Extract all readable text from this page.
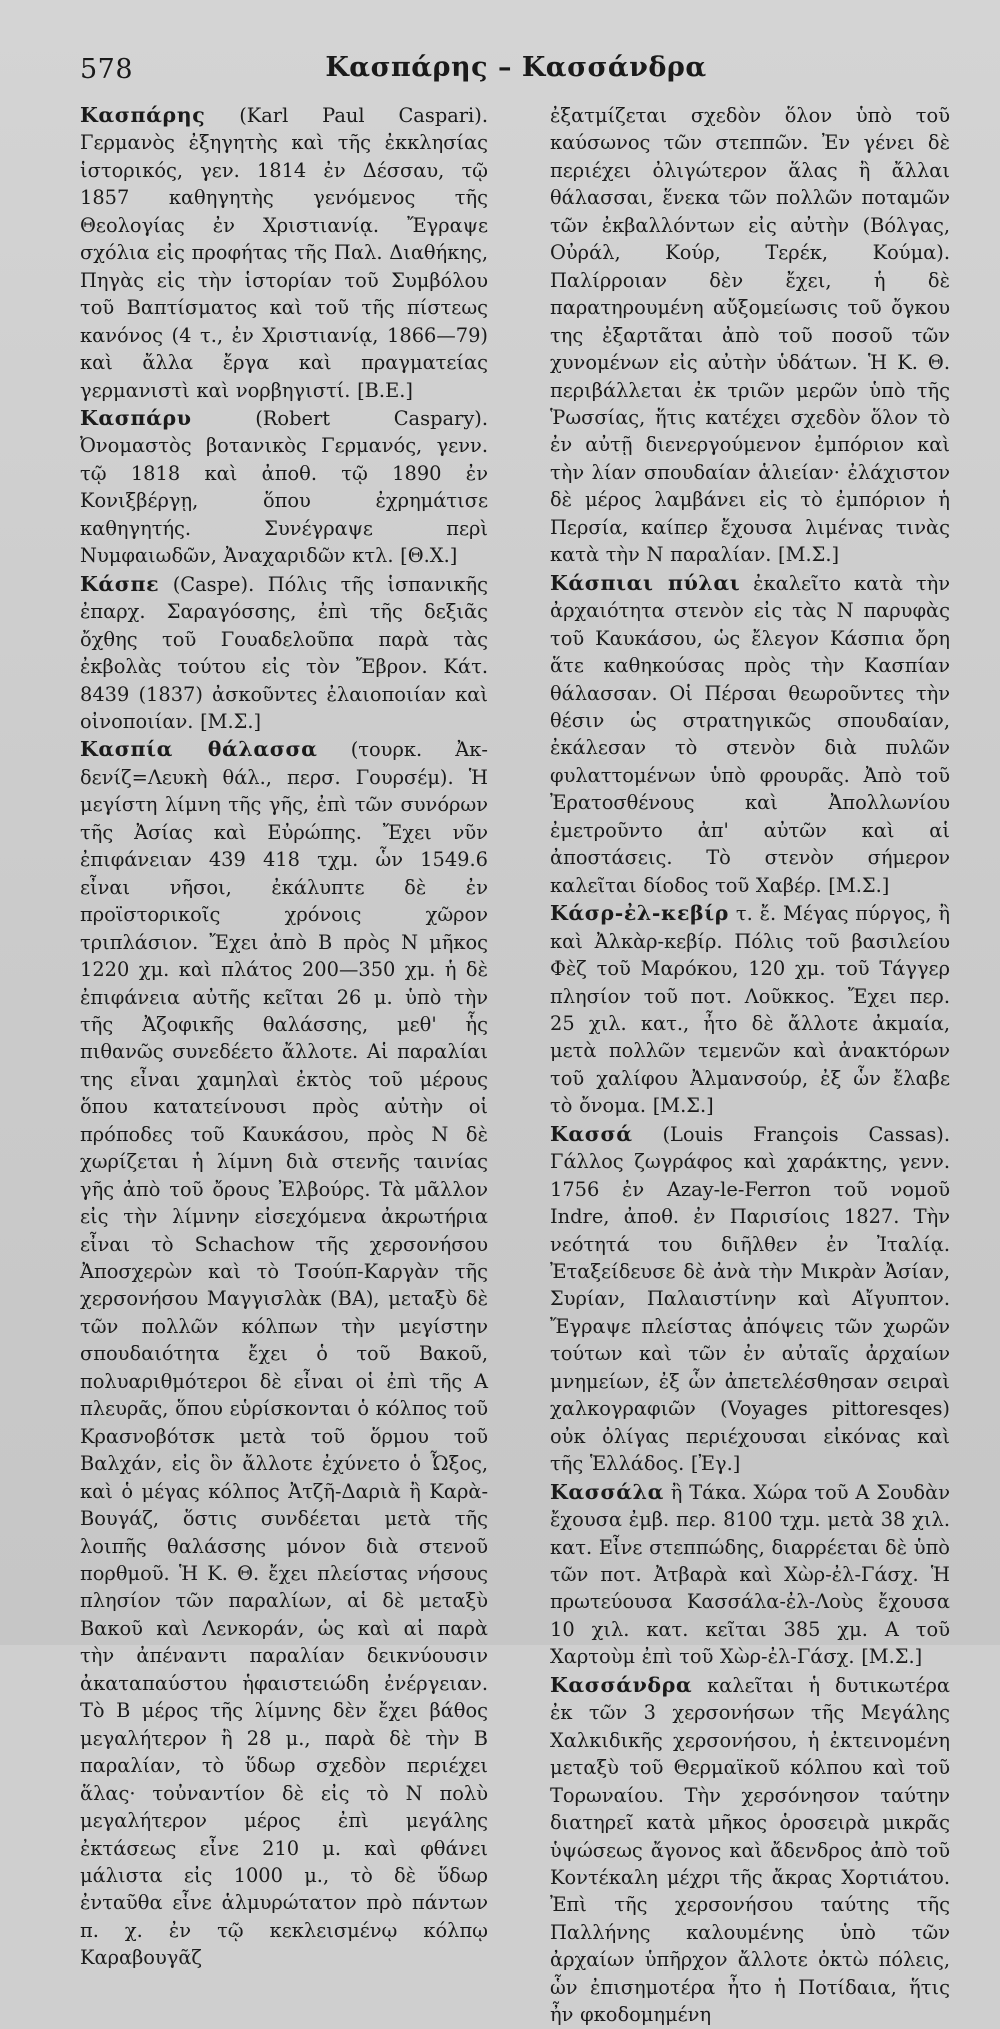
578	Κασπάρης – Κασσάνδρα

Κασπάρης (Karl Paul Caspari). Γερμανὸς ἐξηγητὴς καὶ τῆς ἐκκλησίας ἱστορικός, γεν. 1814 ἐν Δέσσαυ, τῷ 1857 καθηγητὴς γενόμενος τῆς Θεολογίας ἐν Χριστιανίᾳ. Ἔγραψε σχόλια εἰς προφήτας τῆς Παλ. Διαθήκης, Πηγὰς εἰς τὴν ἱστορίαν τοῦ Συμβόλου τοῦ Βαπτίσματος καὶ τοῦ τῆς πίστεως κανόνος (4 τ., ἐν Χριστιανίᾳ, 1866—79) καὶ ἄλλα ἔργα καὶ πραγματείας γερμανιστὶ καὶ νορβηγιστί. [Β.Ε.]

Κασπάρυ (Robert Caspary). Ὀνομαστὸς βοτανικὸς Γερμανός, γενν. τῷ 1818 καὶ ἀποθ. τῷ 1890 ἐν Κονιξβέργῃ, ὅπου ἐχρημάτισε καθηγητής. Συνέγραψε περὶ Νυμφαιωδῶν, Ἀναχαριδῶν κτλ. [Θ.Χ.]

Κάσπε (Caspe). Πόλις τῆς ἱσπανικῆς ἐπαρχ. Σαραγόσσης, ἐπὶ τῆς δεξιᾶς ὄχθης τοῦ Γουαδελοῦπα παρὰ τὰς ἐκβολὰς τούτου εἰς τὸν Ἔβρον. Κάτ. 8439 (1837) ἀσκοῦντες ἐλαιοποιίαν καὶ οἰνοποιίαν. [Μ.Σ.]

Κασπία θάλασσα (τουρκ. Ἀκ-δενίζ=Λευκὴ θάλ., περσ. Γουρσέμ). Ἡ μεγίστη λίμνη τῆς γῆς, ἐπὶ τῶν συνόρων τῆς Ἀσίας καὶ Εὐρώπης. Ἔχει νῦν ἐπιφάνειαν 439 418 τχμ. ὧν 1549.6 εἶναι νῆσοι, ἐκάλυπτε δὲ ἐν προϊστορικοῖς χρόνοις χῶρον τριπλάσιον. Ἔχει ἀπὸ Β πρὸς Ν μῆκος 1220 χμ. καὶ πλάτος 200—350 χμ. ἡ δὲ ἐπιφάνεια αὐτῆς κεῖται 26 μ. ὑπὸ τὴν τῆς Ἀζοφικῆς θαλάσσης, μεθ' ἧς πιθανῶς συνεδέετο ἄλλοτε. Αἱ παραλίαι της εἶναι χαμηλαὶ ἐκτὸς τοῦ μέρους ὅπου κατατείνουσι πρὸς αὐτὴν οἱ πρόποδες τοῦ Καυκάσου, πρὸς Ν δὲ χωρίζεται ἡ λίμνη διὰ στενῆς ταινίας γῆς ἀπὸ τοῦ ὄρους Ἐλβούρς. Τὰ μᾶλλον εἰς τὴν λίμνην εἰσεχόμενα ἀκρωτήρια εἶναι τὸ Schachow τῆς χερσονήσου Ἀποσχερὼν καὶ τὸ Τσούπ-Καργὰν τῆς χερσονήσου Μαγγισλὰκ (ΒΑ), μεταξὺ δὲ τῶν πολλῶν κόλπων τὴν μεγίστην σπουδαιότητα ἔχει ὁ τοῦ Βακοῦ, πολυαριθμότεροι δὲ εἶναι οἱ ἐπὶ τῆς Α πλευρᾶς, ὅπου εὑρίσκονται ὁ κόλπος τοῦ Κρασνοβότσκ μετὰ τοῦ ὅρμου τοῦ Βαλχάν, εἰς ὃν ἄλλοτε ἐχύνετο ὁ Ὦξος, καὶ ὁ μέγας κόλπος Ἀτζῆ-Δαριὰ ἢ Καρὰ-Βουγάζ, ὅστις συνδέεται μετὰ τῆς λοιπῆς θαλάσσης μόνον διὰ στενοῦ πορθμοῦ. Ἡ Κ. Θ. ἔχει πλείστας νήσους πλησίον τῶν παραλίων, αἱ δὲ μεταξὺ Βακοῦ καὶ Λενκοράν, ὡς καὶ αἱ παρὰ τὴν ἀπέναντι παραλίαν δεικνύουσιν ἀκαταπαύστου ἡφαιστειώδη ἐνέργειαν. Τὸ Β μέρος τῆς λίμνης δὲν ἔχει βάθος μεγαλήτερον ἢ 28 μ., παρὰ δὲ τὴν Β παραλίαν, τὸ ὕδωρ σχεδὸν περιέχει ἅλας· τοὐναντίον δὲ εἰς τὸ Ν πολὺ μεγαλήτερον μέρος ἐπὶ μεγάλης ἐκτάσεως εἶνε 210 μ. καὶ φθάνει μάλιστα εἰς 1000 μ., τὸ δὲ ὕδωρ ἐνταῦθα εἶνε ἁλμυρώτατον πρὸ πάντων π. χ. ἐν τῷ κεκλεισμένῳ κόλπῳ Καραβουγᾶζ

ἐξατμίζεται σχεδὸν ὅλον ὑπὸ τοῦ καύσωνος τῶν στεππῶν. Ἐν γένει δὲ περιέχει ὀλιγώτερον ἅλας ἢ ἄλλαι θάλασσαι, ἕνεκα τῶν πολλῶν ποταμῶν τῶν ἐκβαλλόντων εἰς αὐτὴν (Βόλγας, Οὐράλ, Κούρ, Τερέκ, Κούμα). Παλίρροιαν δὲν ἔχει, ἡ δὲ παρατηρουμένη αὔξομείωσις τοῦ ὄγκου της ἐξαρτᾶται ἀπὸ τοῦ ποσοῦ τῶν χυνομένων εἰς αὐτὴν ὑδάτων. Ἡ Κ. Θ. περιβάλλεται ἐκ τριῶν μερῶν ὑπὸ τῆς Ῥωσσίας, ἥτις κατέχει σχεδὸν ὅλον τὸ ἐν αὐτῇ διενεργούμενον ἐμπόριον καὶ τὴν λίαν σπουδαίαν ἁλιείαν· ἐλάχιστον δὲ μέρος λαμβάνει εἰς τὸ ἐμπόριον ἡ Περσία, καίπερ ἔχουσα λιμένας τινὰς κατὰ τὴν Ν παραλίαν. [Μ.Σ.]

Κάσπιαι πύλαι ἐκαλεῖτο κατὰ τὴν ἀρχαιότητα στενὸν εἰς τὰς Ν παρυφὰς τοῦ Καυκάσου, ὡς ἔλεγον Κάσπια ὄρη ἅτε καθηκούσας πρὸς τὴν Κασπίαν θάλασσαν. Οἱ Πέρσαι θεωροῦντες τὴν θέσιν ὡς στρατηγικῶς σπουδαίαν, ἐκάλεσαν τὸ στενὸν διὰ πυλῶν φυλαττομένων ὑπὸ φρουρᾶς. Ἀπὸ τοῦ Ἐρατοσθένους καὶ Ἀπολλωνίου ἐμετροῦντο ἀπ' αὐτῶν καὶ αἱ ἀποστάσεις. Τὸ στενὸν σήμερον καλεῖται δίοδος τοῦ Χαβέρ. [Μ.Σ.]

Κάσρ-ἐλ-κεβίρ τ. ἔ. Μέγας πύργος, ἢ καὶ Ἀλκὰρ-κεβίρ. Πόλις τοῦ βασιλείου Φὲζ τοῦ Μαρόκου, 120 χμ. τοῦ Τάγγερ πλησίον τοῦ ποτ. Λοῦκκος. Ἔχει περ. 25 χιλ. κατ., ἦτο δὲ ἄλλοτε ἀκμαία, μετὰ πολλῶν τεμενῶν καὶ ἀνακτόρων τοῦ χαλίφου Ἀλμανσούρ, ἐξ ὧν ἔλαβε τὸ ὄνομα. [Μ.Σ.]

Κασσά (Louis François Cassas). Γάλλος ζωγράφος καὶ χαράκτης, γενν. 1756 ἐν Azay-le-Ferron τοῦ νομοῦ Indre, ἀποθ. ἐν Παρισίοις 1827. Τὴν νεότητά του διῆλθεν ἐν Ἰταλίᾳ. Ἐταξείδευσε δὲ ἀνὰ τὴν Μικρὰν Ἀσίαν, Συρίαν, Παλαιστίνην καὶ Αἴγυπτον. Ἔγραψε πλείστας ἀπόψεις τῶν χωρῶν τούτων καὶ τῶν ἐν αὐταῖς ἀρχαίων μνημείων, ἐξ ὧν ἀπετελέσθησαν σειραὶ χαλκογραφιῶν (Voyages pittoresqes) οὐκ ὀλίγας περιέχουσαι εἰκόνας καὶ τῆς Ἑλλάδος. [Ἐγ.]

Κασσάλα ἢ Τάκα. Χώρα τοῦ Α Σουδὰν ἔχουσα ἐμβ. περ. 8100 τχμ. μετὰ 38 χιλ. κατ. Εἶνε στεππώδης, διαρρέεται δὲ ὑπὸ τῶν ποτ. Ἀτβαρὰ καὶ Χὼρ-ἐλ-Γάσχ. Ἡ πρωτεύουσα Κασσάλα-ἐλ-Λοὺς ἔχουσα 10 χιλ. κατ. κεῖται 385 χμ. Α τοῦ Χαρτοὺμ ἐπὶ τοῦ Χὼρ-ἐλ-Γάσχ. [Μ.Σ.]

Κασσάνδρα καλεῖται ἡ δυτικωτέρα ἐκ τῶν 3 χερσονήσων τῆς Μεγάλης Χαλκιδικῆς χερσονήσου, ἡ ἐκτεινομένη μεταξὺ τοῦ Θερμαϊκοῦ κόλπου καὶ τοῦ Τορωναίου. Τὴν χερσόνησον ταύτην διατηρεῖ κατὰ μῆκος ὁροσειρὰ μικρᾶς ὑψώσεως ἄγονος καὶ ἄδενδρος ἀπὸ τοῦ Κοντέκαλη μέχρι τῆς ἄκρας Χορτιάτου. Ἐπὶ τῆς χερσονήσου ταύτης τῆς Παλλήνης καλουμένης ὑπὸ τῶν ἀρχαίων ὑπῆρχον ἄλλοτε ὀκτὼ πόλεις, ὧν ἐπισημοτέρα ἦτο ἡ Ποτίδαια, ἥτις ἦν φκοδομημένη
